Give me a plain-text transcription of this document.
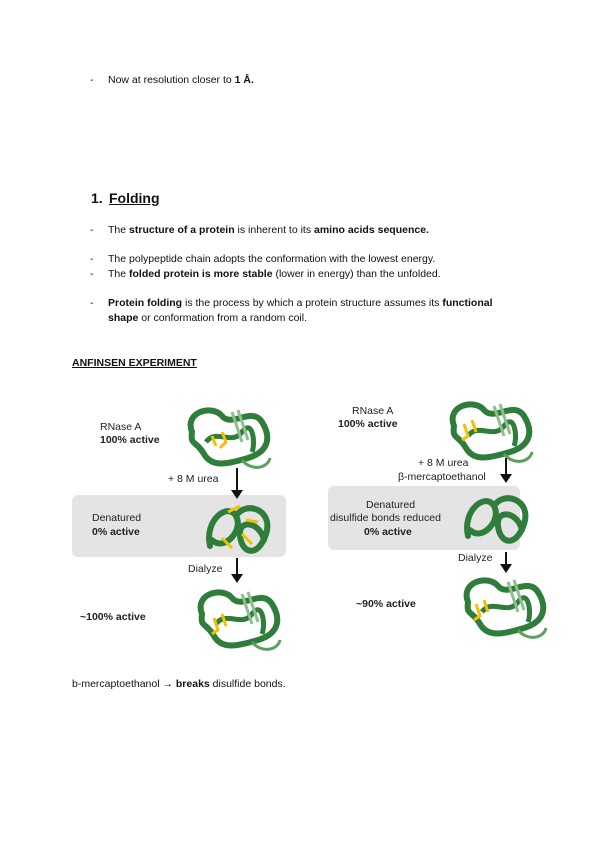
- Now at resolution closer to 1 Å.
1. Folding
- The structure of a protein is inherent to its amino acids sequence.
- The polypeptide chain adopts the conformation with the lowest energy.
- The folded protein is more stable (lower in energy) than the unfolded.
- Protein folding is the process by which a protein structure assumes its functional
shape or conformation from a random coil.
ANFINSEN EXPERIMENT
RNase A
100% active
+ 8 M urea
Denatured
0% active
Dialyze
~100% active
RNase A
100% active
+ 8 M urea
β-mercaptoethanol
Denatured
disulfide bonds reduced
0% active
Dialyze
~90% active
b-mercaptoethanol → breaks disulfide bonds.
